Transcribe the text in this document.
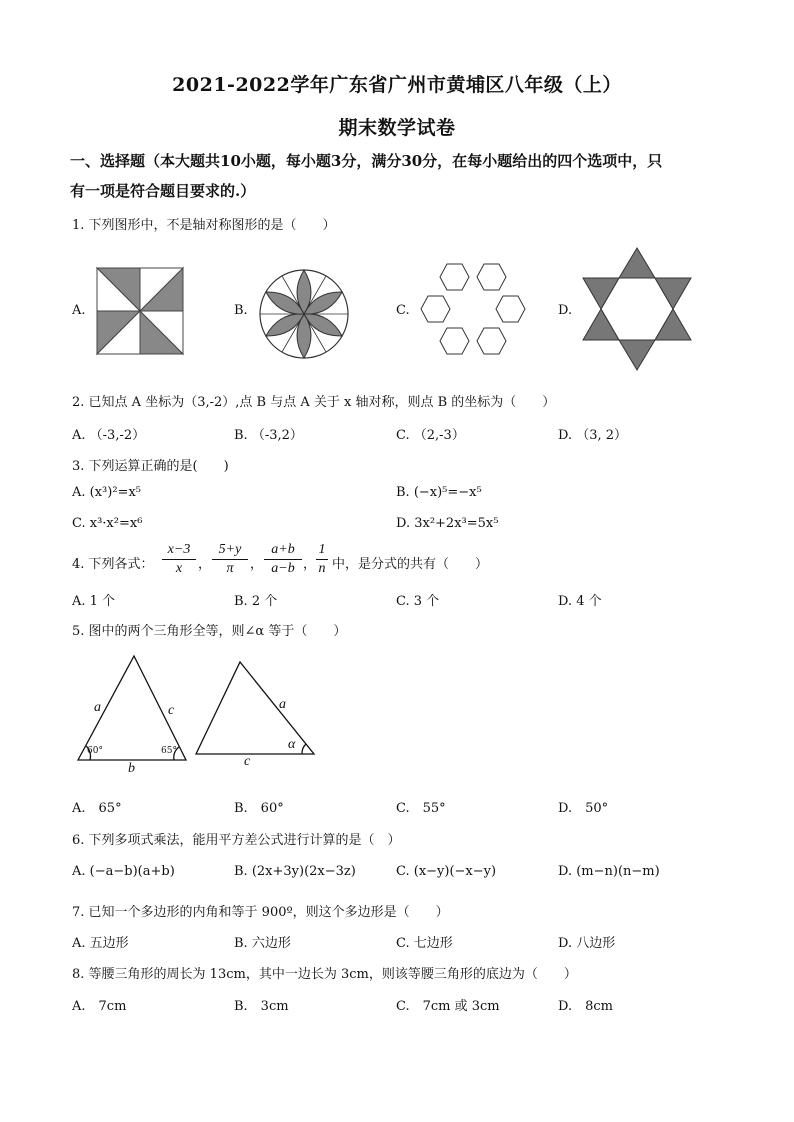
2021-2022学年广东省广州市黄埔区八年级（上）
期末数学试卷
一、选择题（本大题共10小题，每小题3分，满分30分，在每小题给出的四个选项中，只
有一项是符合题目要求的.）
1. 下列图形中，不是轴对称图形的是（　　）
A.	B.	C.	D.
2. 已知点 A 坐标为（3,-2）,点 B 与点 A 关于 x 轴对称，则点 B 的坐标为（　　）
A. （-3,-2）	B. （-3,2）	C. （2,-3）	D. （3, 2）
3. 下列运算正确的是(　　)
A. (x³)²=x⁵	B. (−x)⁵=−x⁵
C. x³·x²=x⁶	D. 3x²+2x³=5x⁵
4. 下列各式： $\frac{x-3}{x}$ ， $\frac{5+y}{\pi}$ ， $\frac{a+b}{a-b}$ ， $\frac{1}{n}$ 中，是分式的共有（　　）
A. 1 个	B. 2 个	C. 3 个	D. 4 个
5. 图中的两个三角形全等，则∠α 等于（　　）
a	c
b
60°	65°
a
α
c
A.　65°	B.　60°	C.　55°	D.　50°
6. 下列多项式乘法，能用平方差公式进行计算的是（　）
A. (−a−b)(a+b)	B. (2x+3y)(2x−3z)	C. (x−y)(−x−y)	D. (m−n)(n−m)
7. 已知一个多边形的内角和等于 900º，则这个多边形是（　　）
A. 五边形	B. 六边形	C. 七边形	D. 八边形
8. 等腰三角形的周长为 13cm，其中一边长为 3cm，则该等腰三角形的底边为（　　）
A.　7cm	B.　3cm	C.　7cm 或 3cm	D.　8cm
